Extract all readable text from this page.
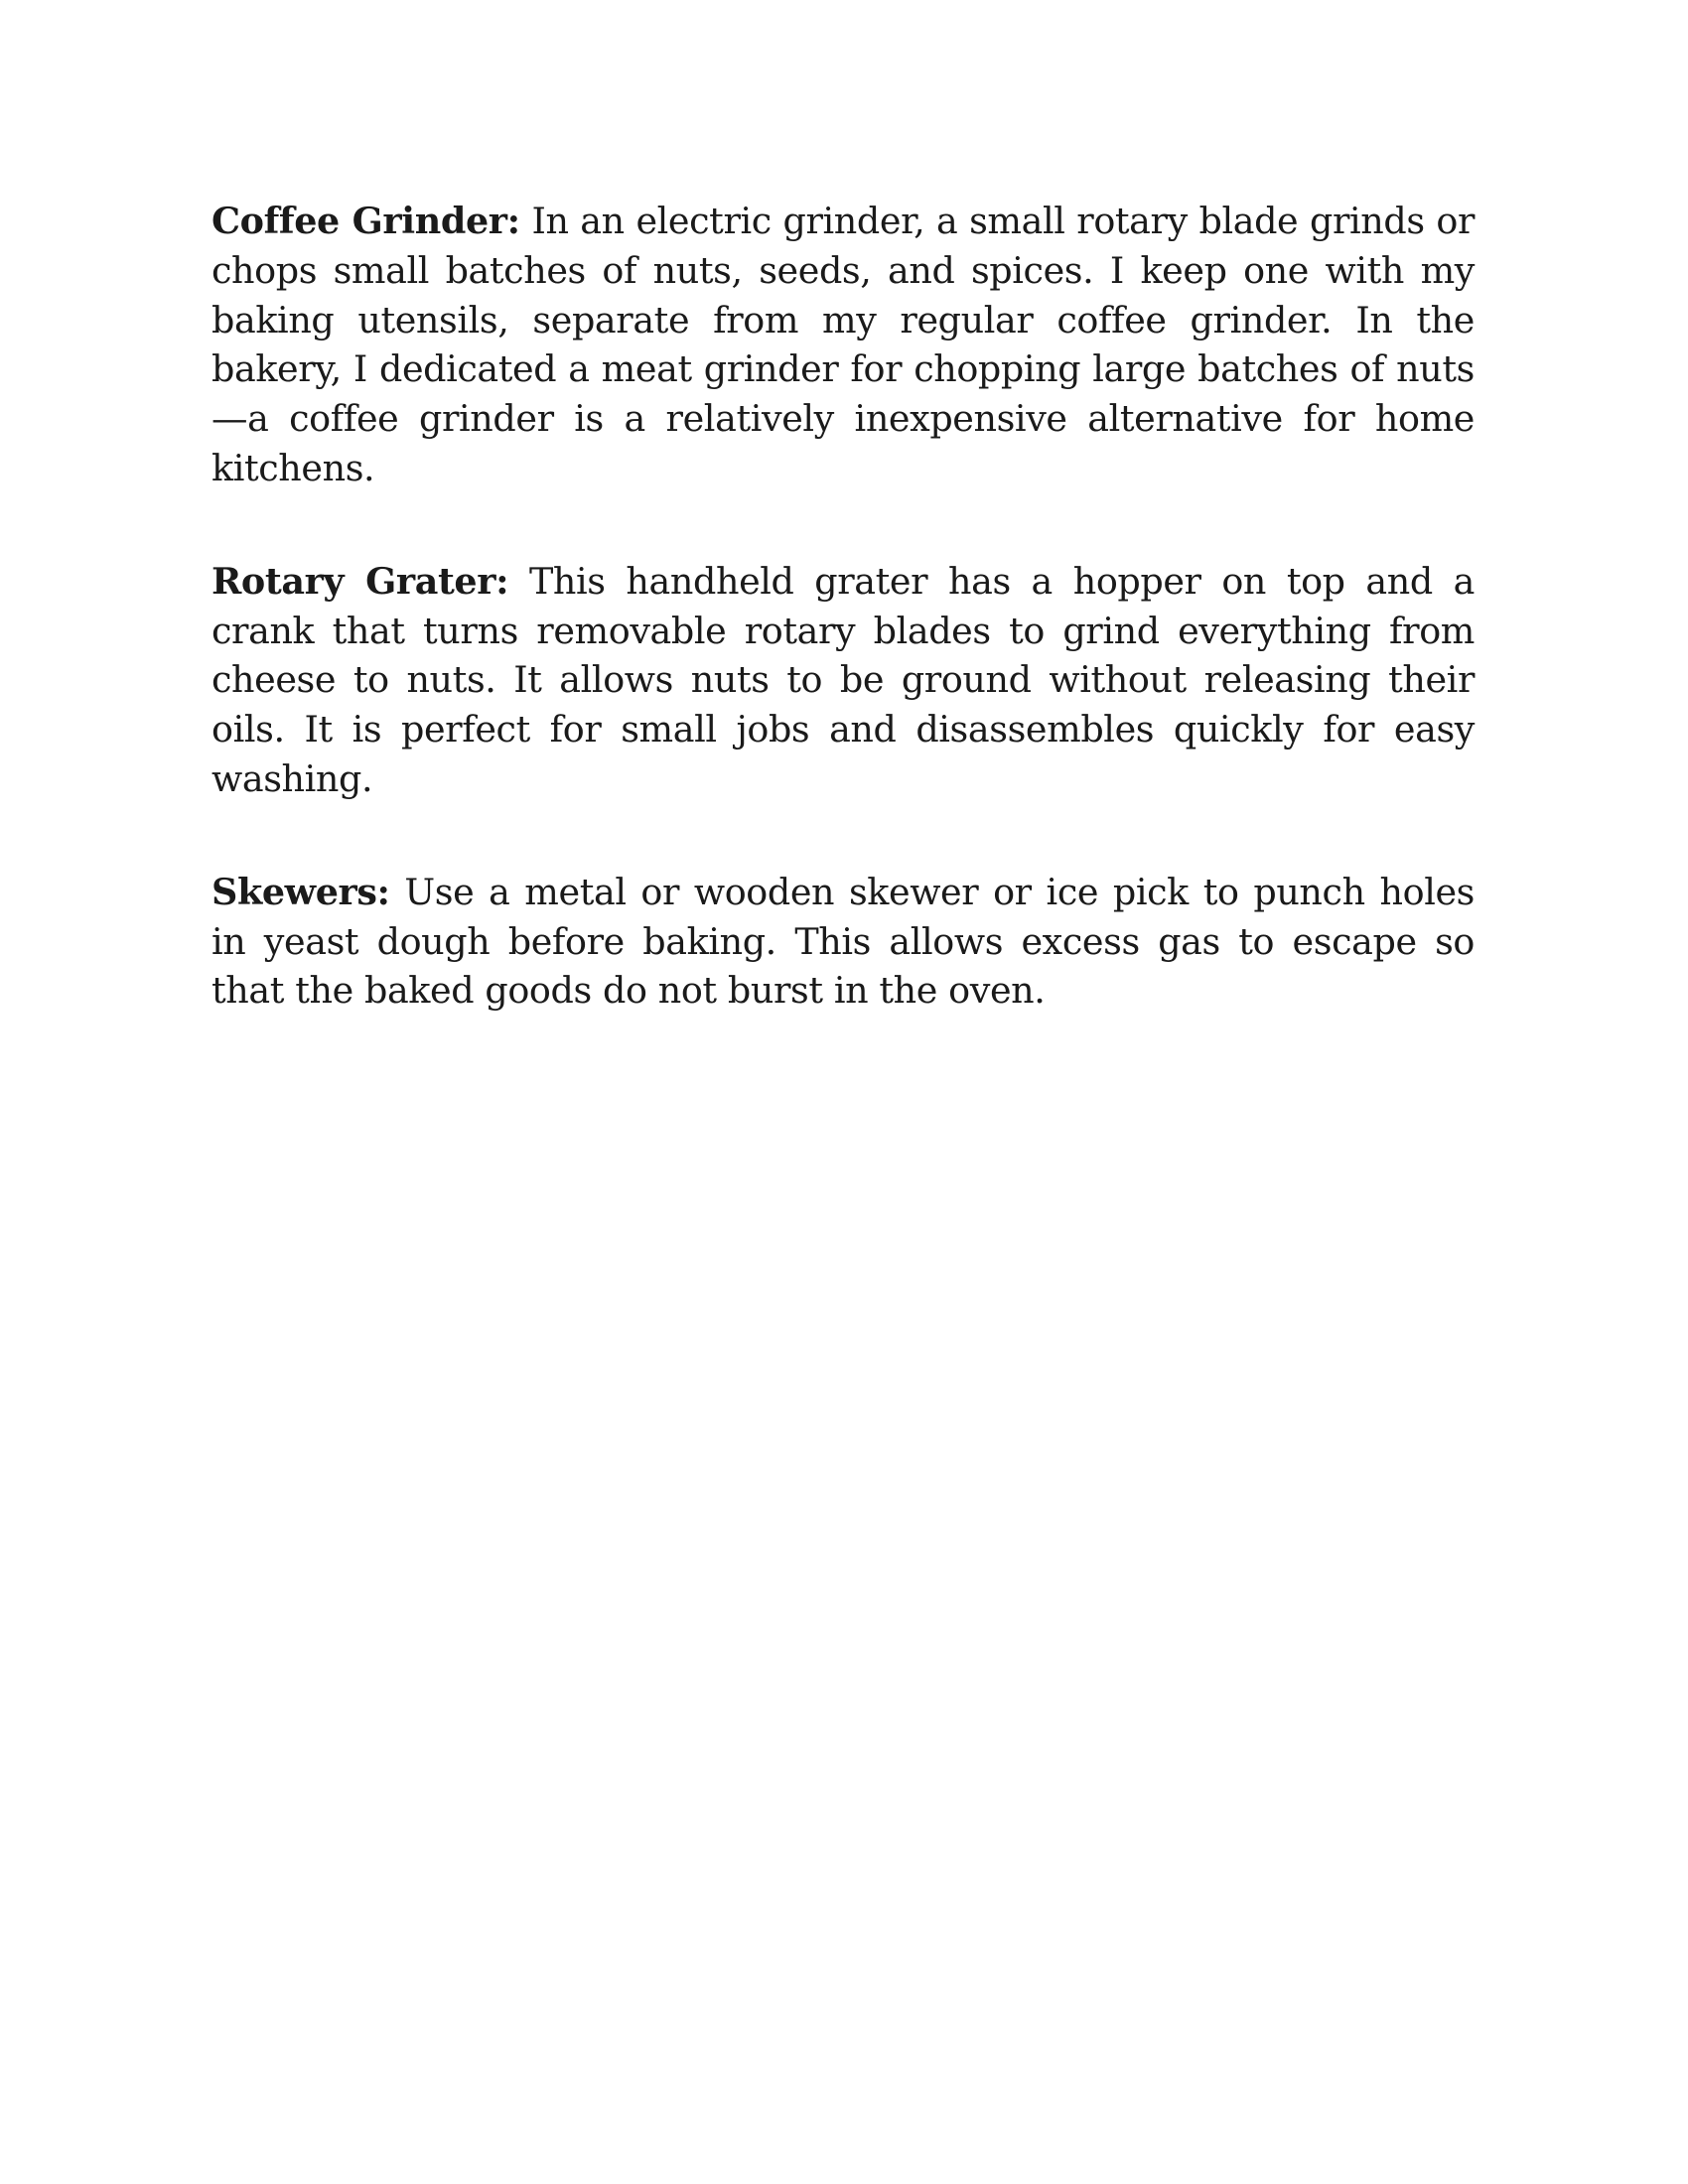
Coffee Grinder: In an electric grinder, a small rotary blade grinds or chops small batches of nuts, seeds, and spices. I keep one with my baking utensils, separate from my regular coffee grinder. In the bakery, I dedicated a meat grinder for chopping large batches of nuts—a coffee grinder is a relatively inexpensive alternative for home kitchens.

Rotary Grater: This handheld grater has a hopper on top and a crank that turns removable rotary blades to grind everything from cheese to nuts. It allows nuts to be ground without releasing their oils. It is perfect for small jobs and disassembles quickly for easy washing.

Skewers: Use a metal or wooden skewer or ice pick to punch holes in yeast dough before baking. This allows excess gas to escape so that the baked goods do not burst in the oven.
